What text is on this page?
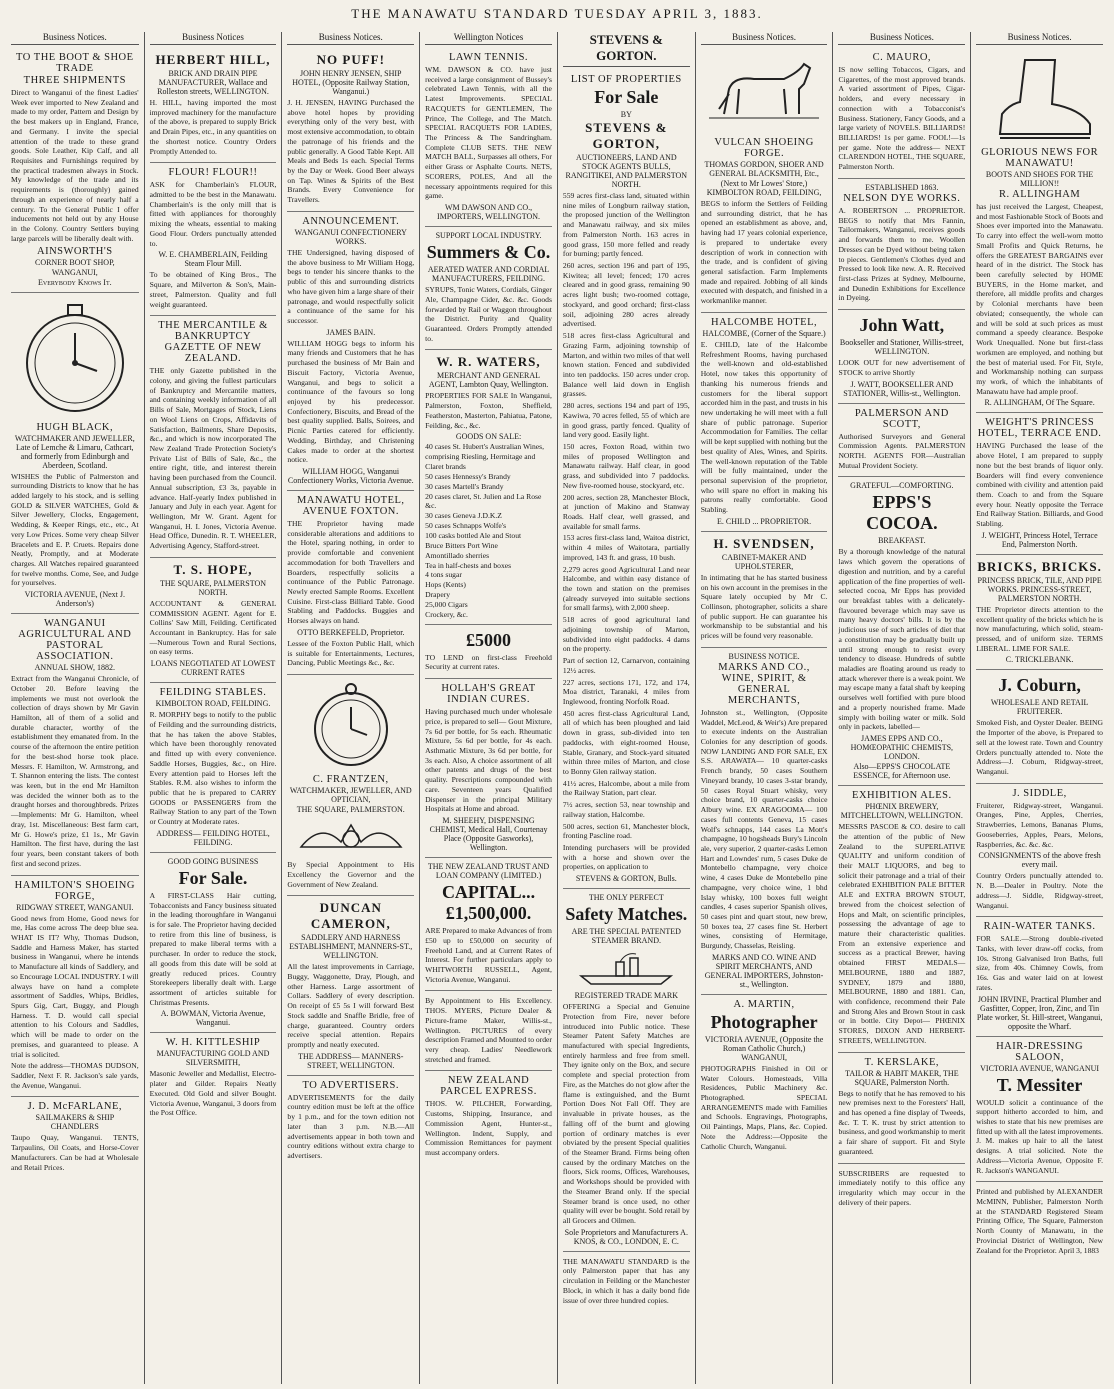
THE MANAWATU STANDARD TUESDAY APRIL 3, 1883.
Business Notices.
TO THE BOOT & SHOE TRADE
THREE SHIPMENTS
Direct to Wanganui of the finest Ladies' Week ever imported to New Zealand and made to my order, Pattern and Design by the best makers up in England, France, and Germany. I invite the special attention of the trade to these grand goods. Sole Leather, Kip Calf, and all Requisites and Furnishings required by the practical tradesmen always in Stock. My knowledge of the trade and its requirements is (thoroughly) gained through an experience of nearly half a century. To the General Public I offer inducements not held out by any House in the Colony. Country Settlers buying large parcels will be liberally dealt with.
AINSWORTH'S
CORNER BOOT SHOP,
WANGANUI,
Everybody Knows It.
HUGH BLACK,
WATCHMAKER AND JEWELLER, Late of Lemche & Limaru, Cathcart, and formerly from Edinburgh and Aberdeen, Scotland.
WISHES the Public of Palmerston and surrounding Districts to know that he has added largely to his stock, and is selling GOLD & SILVER WATCHES, Gold & Silver Jewellery, Clocks, Engagement, Wedding, & Keeper Rings, etc., etc., At very Low Prices. Some very cheap Silver Bracelets and E. P. Cruets. Repairs done Neatly, Promptly, and at Moderate charges. All Watches repaired guaranteed for twelve months. Come, See, and Judge for yourselves.
VICTORIA AVENUE, (Next J. Anderson's)
WANGANUI AGRICULTURAL AND PASTORAL ASSOCIATION.
ANNUAL SHOW, 1882.
Extract from the Wanganui Chronicle, of October 20. Before leaving the implements we must not overlook the collection of drays shown by Mr Gavin Hamilton, all of them of a solid and durable character, worthy of the establishment they emanated from. In the course of the afternoon the entire petition for the best-shod horse took place. Messrs. F. Hamilton, W. Armstrong, and T. Shannon entering the lists. The contest was keen, but in the end Mr Hamilton was decided the winner both as to the draught horses and thoroughbreds. Prizes—Implements: Mr G. Hamilton, wheel dray, 1st. Miscellaneous: Best farm cart, Mr G. Howe's prize, £1 1s., Mr Gavin Hamilton. The first have, during the last four years, been constant takers of both first and second prizes.
HAMILTON'S SHOEING FORGE,
RIDGWAY STREET, WANGANUI.
Good news from Home, Good news for me, Has come across The deep blue sea. WHAT IS IT? Why, Thomas Dudson, Saddle and Harness Maker, has started business in Wanganui, where he intends to Manufacture all kinds of Saddlery, and so Encourage LOCAL INDUSTRY. I will always have on hand a complete assortment of Saddles, Whips, Bridles, Spurs Gig, Cart, Buggy, and Plough Harness. T. D. would call special attention to his Colours and Saddles, which will be made to order on the premises, and guaranteed to please. A trial is solicited.
Note the address—THOMAS DUDSON, Saddler, Next F. R. Jackson's sale yards, the Avenue, Wanganui.
J. D. McFARLANE,
SAILMAKERS & SHIP CHANDLERS
Taupo Quay, Wanganui. TENTS, Tarpaulins, Oil Coats, and Horse-Cover Manufacturers. Can be had at Wholesale and Retail Prices.
Business Notices
HERBERT HILL,
BRICK AND DRAIN PIPE MANUFACTURER, Wallace and Rolleston streets, WELLINGTON.
H. HILL, having imported the most improved machinery for the manufacture of the above, is prepared to supply Brick and Drain Pipes, etc., in any quantities on the shortest notice. Country Orders Promptly Attended to.
FLOUR! FLOUR!!
ASK for Chamberlain's FLOUR, admitted to be the best in the Manawatu. Chamberlain's is the only mill that is fitted with appliances for thoroughly mixing the wheats, essential to making Good Flour. Orders punctually attended to.
W. E. CHAMBERLAIN, Feilding Steam Flour Mill.
To be obtained of King Bros., The Square, and Milverton & Son's, Main-street, Palmerston. Quality and full weight guaranteed.
THE MERCANTILE & BANKRUPTCY GAZETTE OF NEW ZEALAND.
THE only Gazette published in the colony, and giving the fullest particulars of Bankruptcy and Mercantile matters, and containing weekly information of all Bills of Sale, Mortgages of Stock, Liens on Wool Liens on Crops, Affidavits of Satisfaction, Bailments, Share Deposits, &c., and which is now incorporated The New Zealand Trade Protection Society's Private List of Bills of Sale, &c., the entire right, title, and interest therein having been purchased from the Council. Annual subscription, £3 3s, payable in advance. Half-yearly Index published in January and July in each year. Agent for Wellington, Mr W. Grant. Agent for Wanganui, H. I. Jones, Victoria Avenue. Head Office, Dunedin. R. T. WHEELER, Advertising Agency, Stafford-street.
T. S. HOPE,
THE SQUARE, PALMERSTON NORTH.
ACCOUNTANT & GENERAL COMMISSION AGENT. Agent for E. Collins' Saw Mill, Feilding. Certificated Accountant in Bankruptcy. Has for sale—Numerous Town and Rural Sections, on easy terms.
LOANS NEGOTIATED AT LOWEST CURRENT RATES
FEILDING STABLES.
KIMBOLTON ROAD, FEILDING.
R. MORPHY begs to notify to the public of Feilding and the surrounding districts, that he has taken the above Stables, which have been thoroughly renovated and fitted up with every convenience. Saddle Horses, Buggies, &c., on Hire. Every attention paid to Horses left the Stables. R.M. also wishes to inform the public that he is prepared to CARRY GOODS or PASSENGERS from the Railway Station to any part of the Town or Country at Moderate rates.
ADDRESS— FEILDING HOTEL, FEILDING.
GOOD GOING BUSINESS
For Sale.
A FIRST-CLASS Hair cutting, Tobacconists and Fancy business situated in the leading thoroughfare in Wanganui is for sale. The Proprietor having decided to retire from this line of business, is prepared to make liberal terms with a purchaser. In order to reduce the stock, all goods from this date will be sold at greatly reduced prices. Country Storekeepers liberally dealt with. Large assortment of articles suitable for Christmas Presents.
A. BOWMAN, Victoria Avenue, Wanganui.
W. H. KITTLESHIP
MANUFACTURING GOLD AND SILVERSMITH,
Masonic Jeweller and Medallist, Electro-plater and Gilder. Repairs Neatly Executed. Old Gold and silver Bought. Victoria Avenue, Wanganui, 3 doors from the Post Office.
Business Notices.
NO PUFF!
JOHN HENRY JENSEN, SHIP HOTEL, (Opposite Railway Station, Wanganui.)
J. H. JENSEN, HAVING Purchased the above hotel hopes by providing everything only of the very best, with most extensive accommodation, to obtain the patronage of his friends and the public generally. A Good Table Kept. All Meals and Beds 1s each. Special Terms by the Day or Week. Good Beer always on Tap. Wines & Spirits of the Best Brands. Every Convenience for Travellers.
ANNOUNCEMENT.
WANGANUI CONFECTIONERY WORKS.
THE Undersigned, having disposed of the above business to Mr William Hogg, begs to tender his sincere thanks to the public of this and surrounding districts who have given him a large share of their patronage, and would respectfully solicit a continuance of the same for his successor.
JAMES BAIN.
WILLIAM HOGG begs to inform his many friends and Customers that he has purchased the business of Mr Bain and Biscuit Factory, Victoria Avenue, Wanganui, and begs to solicit a continuance of the favours so long enjoyed by his predecessor. Confectionery, Biscuits, and Bread of the best quality supplied. Balls, Soirees, and Picnic Parties catered for efficiently. Wedding, Birthday, and Christening Cakes made to order at the shortest notice.
WILLIAM HOGG, Wanganui Confectionery Works, Victoria Avenue.
MANAWATU HOTEL, AVENUE FOXTON.
THE Proprietor having made considerable alterations and additions to the Hotel, sparing nothing, in order to provide comfortable and convenient accommodation for both Travellers and Boarders, respectfully solicits a continuance of the Public Patronage. Newly erected Sample Rooms. Excellent Cuisine. First-class Billiard Table. Good Stabling and Paddocks. Buggies and Horses always on hand.
OTTO BERKEFELD, Proprietor.
Lessee of the Foxton Public Hall, which is suitable for Entertainments, Lectures, Dancing, Public Meetings &c., &c.
C. FRANTZEN,
WATCHMAKER, JEWELLER, AND OPTICIAN,
THE SQUARE, PALMERSTON.
By Special Appointment to His Excellency the Governor and the Government of New Zealand.
DUNCAN CAMERON,
SADDLERY AND HARNESS ESTABLISHMENT, MANNERS-ST., WELLINGTON.
All the latest improvements in Carriage, Buggy, Waggonette, Dray, Plough, and other Harness. Large assortment of Collars. Saddlery of every description. On receipt of £5 5s I will forward Best Stock saddle and Snaffle Bridle, free of charge, guaranteed. Country orders receive special attention. Repairs promptly and neatly executed.
THE ADDRESS— MANNERS-STREET, WELLINGTON.
TO ADVERTISERS.
ADVERTISEMENTS for the daily country edition must be left at the office by 1 p.m., and for the town edition not later than 3 p.m. N.B.—All advertisements appear in both town and country editions without extra charge to advertisers.
Wellington Notices
LAWN TENNIS.
WM. DAWSON & CO. have just received a large consignment of Bussey's celebrated Lawn Tennis, with all the Latest Improvements. SPECIAL RACQUETS for GENTLEMEN, The Prince, The College, and The Match. SPECIAL RACQUETS FOR LADIES, The Princess & The Sandringham. Complete CLUB SETS. THE NEW MATCH BALL, Surpasses all others, For either Grass or Asphalte Courts. NETS, SCORERS, POLES, And all the necessary appointments required for this game.
WM DAWSON AND CO., IMPORTERS, WELLINGTON.
SUPPORT LOCAL INDUSTRY.
Summers & Co.
AERATED WATER AND CORDIAL MANUFACTURERS, FEILDING.
SYRUPS, Tonic Waters, Cordials, Ginger Ale, Champagne Cider, &c. &c. Goods forwarded by Rail or Waggon throughout the District. Purity and Quality Guaranteed. Orders Promptly attended to.
W. R. WATERS,
MERCHANT AND GENERAL AGENT, Lambton Quay, Wellington.
PROPERTIES FOR SALE In Wanganui, Palmerston, Foxton, Sheffield, Featherston, Masterton, Pahiatua, Patone, Feilding, &c., &c.
GOODS ON SALE:
40 cases St. Hubert's Australian Wines, comprising Riesling, Hermitage and Claret brands
50 cases Hennessy's Brandy
30 cases Martell's Brandy
20 cases claret, St. Julien and La Rose &c.
30 cases Geneva J.D.K.Z
50 cases Schnapps Wolfe's
100 casks bottled Ale and Stout
Bruce Bitters Port Wine
Amontillado sherries
Tea in half-chests and boxes
4 tons sugar
Hops (Kents)
Drapery
25,000 Cigars
Crockery, &c.
£5000
TO LEND on first-class Freehold Security at current rates.
HOLLAH'S GREAT INDIAN CURES.
Having purchased much under wholesale price, is prepared to sell— Gout Mixture, 7s 6d per bottle, for 5s each. Rheumatic Mixture, 5s 6d per bottle, for 4s each. Asthmatic Mixture, 3s 6d per bottle, for 3s each. Also, A choice assortment of all other patents and drugs of the best quality. Prescriptions compounded with care. Seventeen years Qualified Dispenser in the principal Military Hospitals at Home and abroad.
M. SHEEHY, DISPENSING CHEMIST, Medical Hall, Courtenay Place (Opposite Gasworks), Wellington.
THE NEW ZEALAND TRUST AND LOAN COMPANY (LIMITED.)
CAPITAL...£1,500,000.
ARE Prepared to make Advances of from £50 up to £50,000 on security of Freehold Land, and at Current Rates of Interest. For further particulars apply to WHITWORTH RUSSELL, Agent, Victoria Avenue, Wanganui.
By Appointment to His Excellency. THOS. MYERS, Picture Dealer & Picture-frame Maker, Willis-st., Wellington. PICTURES of every description Framed and Mounted to order very cheap. Ladies' Needlework stretched and framed.
NEW ZEALAND PARCEL EXPRESS.
THOS. W. PILCHER, Forwarding, Customs, Shipping, Insurance, and Commission Agent, Hunter-st., Wellington. Indent, Supply, and Commission Remittances for payment must accompany orders.
STEVENS & GORTON.
LIST OF PROPERTIES
For Sale
BY
STEVENS & GORTON,
AUCTIONEERS, LAND AND STOCK AGENTS BULLS, RANGITIKEI, AND PALMERSTON NORTH.
559 acres first-class land, situated within nine miles of Longburn railway station, the proposed junction of the Wellington and Manawatu railway, and six miles from Palmerston North. 163 acres in good grass, 150 more felled and ready for burning; partly fenced.
260 acres, section 196 and part of 195, Kiwitea; all level; fenced; 170 acres cleared and in good grass, remaining 90 acres light bush; two-roomed cottage, stockyard, and good orchard; first-class soil, adjoining 280 acres already advertised.
518 acres first-class Agricultural and Grazing Farm, adjoining township of Marton, and within two miles of that well known station. Fenced and subdivided into ten paddocks. 150 acres under crop. Balance well laid down in English grasses.
280 acres, sections 194 and part of 195, Kawiwa, 70 acres felled, 55 of which are in good grass, partly fenced. Quality of land very good. Easily light.
150 acres, Foxton Road, within two miles of proposed Wellington and Manawatu railway. Half clear, in good grass, and subdivided into 7 paddocks. New five-roomed house, stockyard, etc.
200 acres, section 28, Manchester Block, at junction of Makino and Stanway Roads. Half clear, well grassed, and available for small farms.
153 acres first-class land, Waitoa district, within 4 miles of Waitotara, partially improved, 143 ft. and grass, 10 bush.
2,279 acres good Agricultural Land near Halcombe, and within easy distance of the town and station on the premises (already surveyed into suitable sections for small farms), with 2,000 sheep.
518 acres of good agricultural land adjoining township of Marton, subdivided into eight paddocks. 4 dams on the property.
Part of section 12, Carnarvon, containing 12½ acres.
227 acres, sections 171, 172, and 174, Moa district, Taranaki, 4 miles from Inglewood, fronting Norfolk Road.
450 acres first-class Agricultural Land, all of which has been ploughed and laid down in grass, sub-divided into ten paddocks, with eight-roomed House, Stable, Granary, and Stock-yard situated within three miles of Marton, and close to Bonny Glen railway station.
41½ acres, Halcombe, about a mile from the Railway Station, part clear.
7½ acres, section 53, near township and railway station, Halcombe.
500 acres, section 61, Manchester block, fronting Pascline road.
Intending purchasers will be provided with a horse and shown over the properties, on application to
STEVENS & GORTON, Bulls.
THE ONLY PERFECT
Safety Matches.
ARE THE SPECIAL PATENTED STEAMER BRAND.
REGISTERED TRADE MARK
OFFERING a Special and Genuine Protection from Fire, never before introduced into Public notice. These Steamer Patent Safety Matches are manufactured with special Ingredients, entirely harmless and free from smell. They ignite only on the Box, and secure complete and special protection from Fire, as the Matches do not glow after the flame is extinguished, and the Burnt Portion Does Not Fall Off. They are invaluable in private houses, as the falling off of the burnt and glowing portion of ordinary matches is ever obviated by the present Special qualities of the Steamer Brand. Firms being often caused by the ordinary Matches on the floors, Sick rooms, Offices, Warehouses, and Workshops should be provided with the Steamer Brand only. If the special Steamer brand is once used, no other quality will ever be bought. Sold retail by all Grocers and Oilmen.
Sole Proprietors and Manufacturers A. KNOS, & CO., LONDON, E. C.
THE MANAWATU STANDARD is the only Palmerston paper that has any circulation in Feilding or the Manchester Block, in which it has a daily bond fide issue of over three hundred copies.
Business Notices.
VULCAN SHOEING FORGE.
THOMAS GORDON, SHOER AND GENERAL BLACKSMITH, Etc.,
(Next to Mr Lowes' Store,) KIMBOLTON ROAD, FEILDING,
BEGS to inform the Settlers of Feilding and surrounding district, that he has opened an establishment as above, and, having had 17 years colonial experience, is prepared to undertake every description of work in connection with the trade, and is confident of giving general satisfaction. Farm Implements made and repaired. Jobbing of all kinds executed with despatch, and finished in a workmanlike manner.
HALCOMBE HOTEL,
HALCOMBE, (Corner of the Square.)
E. CHILD, late of the Halcombe Refreshment Rooms, having purchased the well-known and old-established Hotel, now takes this opportunity of thanking his numerous friends and customers for the liberal support accorded him in the past, and trusts in his new undertaking he will meet with a full share of public patronage. Superior Accommodation for Families. The cellar will be kept supplied with nothing but the best quality of Ales, Wines, and Spirits. The well-known reputation of the Table will be fully maintained, under the personal supervision of the proprietor, who will spare no effort in making his patrons really comfortable. Good Stabling.
E. CHILD ... PROPRIETOR.
H. SVENDSEN,
CABINET-MAKER AND UPHOLSTERER,
In intimating that he has started business on his own account in the premises in the Square lately occupied by Mr C. Collinson, photographer, solicits a share of public support. He can guarantee his workmanship to be substantial and his prices will be found very reasonable.
BUSINESS NOTICE.
MARKS AND CO., WINE, SPIRIT, & GENERAL MERCHANTS,
Johnston st., Wellington, (Opposite Waddel, McLeod, & Weir's) Are prepared to execute indents on the Australian Colonies for any description of goods. NOW LANDING AND FOR SALE, EX S.S. ARAWATA— 10 quarter-casks French brandy, 50 cases Southern Vineyard brandy, 10 cases 3-star brandy, 50 cases Royal Stuart whisky, very choice brand, 10 quarter-casks choice Albury wine. EX ARAGOOMA— 100 cases full contents Geneva, 15 cases Wolf's schnapps, 144 cases La Mott's champagne, 10 hogsheads Bury's Lincoln ale, very superior, 2 quarter-casks Lemon Hart and Lowndes' rum, 5 cases Duke de Montebello champagne, very choice wine, 4 cases Duke de Montebello pine champagne, very choice wine, 1 bhd Islay whisky, 100 boxes full weight candles, 4 cases superior Spanish olives, 50 cases pint and quart stout, new brew, 50 boxes tea, 27 cases fine St. Herbert wines, consisting of Hermitage, Burgundy, Chasselas, Reisling.
MARKS AND CO. WINE AND SPIRIT MERCHANTS, AND GENERAL IMPORTERS, Johnston-st., Wellington.
A. MARTIN,
Photographer
VICTORIA AVENUE, (Opposite the Roman Catholic Church,) WANGANUI,
PHOTOGRAPHS Finished in Oil or Water Colours. Homesteads, Villa Residences, Public Machinery &c. Photographed. SPECIAL ARRANGEMENTS made with Families and Schools. Engravings, Photographs, Oil Paintings, Maps, Plans, &c. Copied. Note the Address:—Opposite the Catholic Church, Wanganui.
Business Notices.
C. MAURO,
IS now selling Tobaccos, Cigars, and Cigarettes, of the most approved brands. A varied assortment of Pipes, Cigar-holders, and every necessary in connection with a Tobacconist's Business. Stationery, Fancy Goods, and a large variety of NOVELS. BILLIARDS! BILLIARDS! 1s per game. FOOL!—1s per game. Note the address— NEXT CLARENDON HOTEL, THE SQUARE, Palmerston North.
ESTABLISHED 1863.
NELSON DYE WORKS.
A. ROBERTSON ... PROPRIETOR. BEGS to notify that Mrs Fannin, Tailormakers, Wanganui, receives goods and forwards them to me. Woollen Dresses can be Dyed without being taken to pieces. Gentlemen's Clothes dyed and Pressed to look like new. A. R. Received first-class Prizes at Sydney, Melbourne, and Dunedin Exhibitions for Excellence in Dyeing.
John Watt,
Bookseller and Stationer, Willis-street, WELLINGTON.
LOOK OUT for new advertisement of STOCK to arrive Shortly
J. WATT, BOOKSELLER AND STATIONER, Willis-st., Wellington.
PALMERSON AND SCOTT,
Authorised Surveyors and General Commission Agents. PALMERSTON NORTH. AGENTS FOR—Australian Mutual Provident Society.
GRATEFUL—COMFORTING.
EPPS'S COCOA.
BREAKFAST.
By a thorough knowledge of the natural laws which govern the operations of digestion and nutrition, and by a careful application of the fine properties of well-selected cocoa, Mr Epps has provided our breakfast tables with a delicately-flavoured beverage which may save us many heavy doctors' bills. It is by the judicious use of such articles of diet that a constitution may be gradually built up until strong enough to resist every tendency to disease. Hundreds of subtle maladies are floating around us ready to attack wherever there is a weak point. We may escape many a fatal shaft by keeping ourselves well fortified with pure blood and a properly nourished frame. Made simply with boiling water or milk. Sold only in packets, labelled—
JAMES EPPS AND CO., HOMŒOPATHIC CHEMISTS, LONDON.
Also—EPPS'S CHOCOLATE ESSENCE, for Afternoon use.
EXHIBITION ALES.
PHŒNIX BREWERY, MITCHELLTOWN, WELLINGTON.
MESSRS PASCOE & CO. desire to call the attention of the public of New Zealand to the SUPERLATIVE QUALITY and uniform condition of their MALT LIQUORS, and beg to solicit their patronage and a trial of their celebrated EXHIBITION PALE BITTER ALE and EXTRA BROWN STOUT, brewed from the choicest selection of Hops and Malt, on scientific principles, possessing the advantage of age to mature their characteristic qualities. From an extensive experience and success as a practical Brewer, having obtained FIRST MEDALS— MELBOURNE, 1880 and 1887, SYDNEY, 1879 and 1880, MELBOURNE, 1880 and 1881. Can, with confidence, recommend their Pale and Strong Ales and Brown Stout in cask or in bottle. City Depot— PHŒNIX STORES, DIXON AND HERBERT-STREETS, WELLINGTON.
T. KERSLAKE,
TAILOR & HABIT MAKER, THE SQUARE, Palmerston North.
Begs to notify that he has removed to his new premises next to the Foresters' Hall, and has opened a fine display of Tweeds, &c. T. T. K. trust by strict attention to business, and good workmanship to merit a fair share of support. Fit and Style guaranteed.
SUBSCRIBERS are requested to immediately notify to this office any irregularity which may occur in the delivery of their papers.
Business Notices.
GLORIOUS NEWS FOR MANAWATU!
BOOTS AND SHOES FOR THE MILLION!!
R. ALLINGHAM
has just received the Largest, Cheapest, and most Fashionable Stock of Boots and Shoes ever imported into the Manawatu. To carry into effect the well-worn motto Small Profits and Quick Returns, he offers the GREATEST BARGAINS ever heard of in the district. The Stock has been carefully selected by HOME BUYERS, in the Home market, and therefore, all middle profits and charges by Colonial merchants have been obviated; consequently, the whole can and will be sold at such prices as must command a speedy clearance. Bespoke Work Unequalled. None but first-class workmen are employed, and nothing but the best of material used. For Fit, Style, and Workmanship nothing can surpass my work, of which the inhabitants of Manawatu have had ample proof.
R. ALLINGHAM, Of The Square.
WEIGHT'S PRINCESS HOTEL, TERRACE END.
HAVING Purchased the lease of the above Hotel, I am prepared to supply none but the best brands of liquor only. Boarders will find every convenience combined with civility and attention paid them. Coach to and from the Square every hour. Neatly opposite the Terrace End Railway Station. Billiards, and Good Stabling.
J. WEIGHT, Princess Hotel, Terrace End, Palmerston North.
BRICKS, BRICKS.
PRINCESS BRICK, TILE, AND PIPE WORKS. PRINCESS-STREET, PALMERSTON NORTH.
THE Proprietor directs attention to the excellent quality of the bricks which he is now manufacturing, which solid, steam-pressed, and of uniform size. TERMS LIBERAL. LIME FOR SALE.
C. TRICKLEBANK.
J. Coburn,
WHOLESALE AND RETAIL FRUITERER.
Smoked Fish, and Oyster Dealer. BEING the Importer of the above, is Prepared to sell at the lowest rate. Town and Country Orders punctually attended to. Note the Address—J. Coburn, Ridgway-street, Wanganui.
J. SIDDLE,
Fruiterer, Ridgway-street, Wanganui. Oranges, Pine, Apples, Cherries, Strawberries, Lemons, Bananas Plums, Gooseberries, Apples, Pears, Melons, Raspberries, &c. &c. &c.
CONSIGNMENTS of the above fresh every mail.
Country Orders punctually attended to. N. B.—Dealer in Poultry. Note the address—J. Siddle, Ridgway-street, Wanganui.
RAIN-WATER TANKS.
FOR SALE.—Strong double-riveted Tanks, with lever draw-off cocks, from 10s. Strong Galvanised Iron Baths, full size, from 40s. Chimney Cowls, from 16s. Gas and water laid on at lowest rates.
JOHN IRVINE, Practical Plumber and Gasfitter, Copper, Iron, Zinc, and Tin Plate worker, St. Hill-street, Wanganui, opposite the Wharf.
HAIR-DRESSING SALOON,
VICTORIA AVENUE, WANGANUI
T. Messiter
WOULD solicit a continuance of the support hitherto accorded to him, and wishes to state that his new premises are fitted up with all the latest improvements. J. M. makes up hair to all the latest designs. A trial solicited. Note the Address—Victoria Avenue, Opposite F. R. Jackson's WANGANUI.
Printed and published by ALEXANDER McMINN, Publisher, Palmerston North at the STANDARD Registered Steam Printing Office, The Square, Palmerston North County of Manawatu, in the Provincial District of Wellington, New Zealand for the Proprietor. April 3, 1883
